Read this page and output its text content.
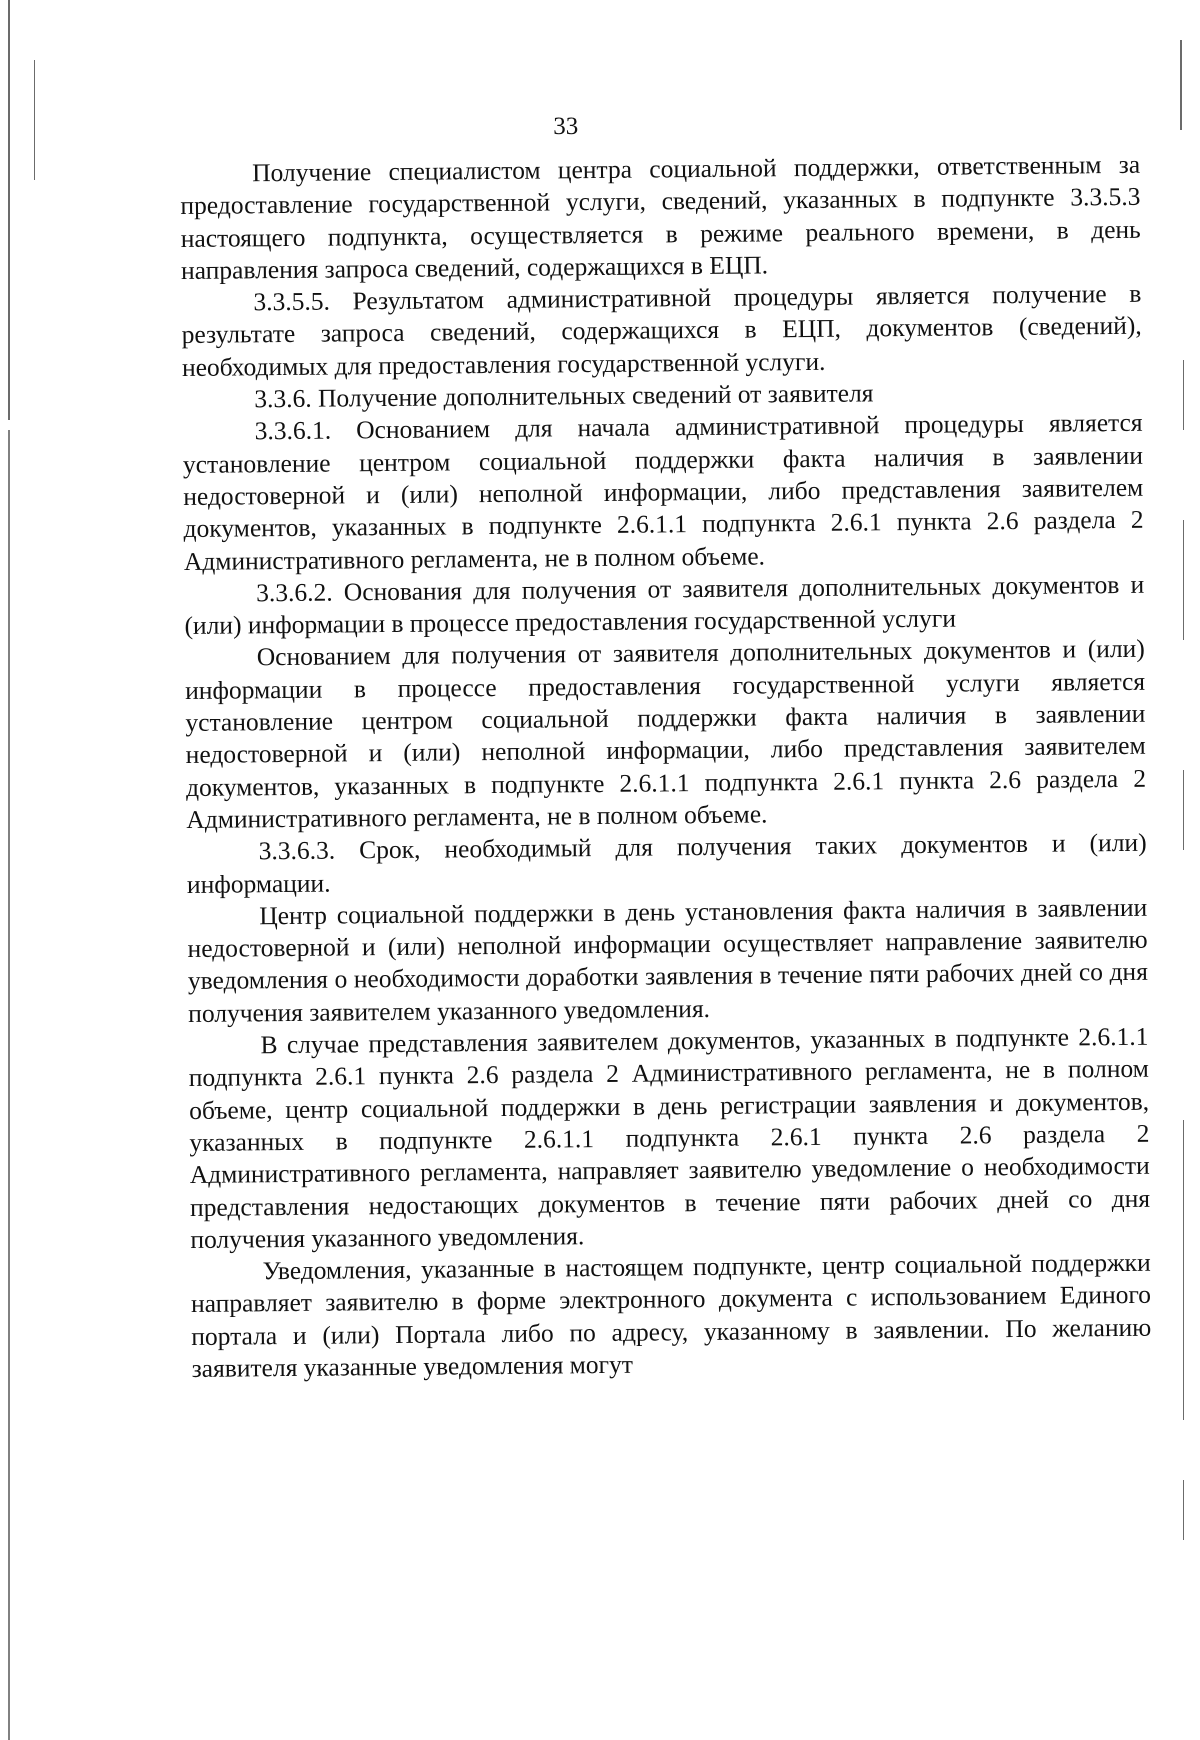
33

Получение специалистом центра социальной поддержки, ответственным за предоставление государственной услуги, сведений, указанных в подпункте 3.3.5.3 настоящего подпункта, осуществляется в режиме реального времени, в день направления запроса сведений, содержащихся в ЕЦП.

3.3.5.5. Результатом административной процедуры является получение в результате запроса сведений, содержащихся в ЕЦП, документов (сведений), необходимых для предоставления государственной услуги.

3.3.6. Получение дополнительных сведений от заявителя

3.3.6.1. Основанием для начала административной процедуры является установление центром социальной поддержки факта наличия в заявлении недостоверной и (или) неполной информации, либо представления заявителем документов, указанных в подпункте 2.6.1.1 подпункта 2.6.1 пункта 2.6 раздела 2 Административного регламента, не в полном объеме.

3.3.6.2. Основания для получения от заявителя дополнительных документов и (или) информации в процессе предоставления государственной услуги

Основанием для получения от заявителя дополнительных документов и (или) информации в процессе предоставления государственной услуги является установление центром социальной поддержки факта наличия в заявлении недостоверной и (или) неполной информации, либо представления заявителем документов, указанных в подпункте 2.6.1.1 подпункта 2.6.1 пункта 2.6 раздела 2 Административного регламента, не в полном объеме.

3.3.6.3. Срок, необходимый для получения таких документов и (или) информации.

Центр социальной поддержки в день установления факта наличия в заявлении недостоверной и (или) неполной информации осуществляет направление заявителю уведомления о необходимости доработки заявления в течение пяти рабочих дней со дня получения заявителем указанного уведомления.

В случае представления заявителем документов, указанных в подпункте 2.6.1.1 подпункта 2.6.1 пункта 2.6 раздела 2 Административного регламента, не в полном объеме, центр социальной поддержки в день регистрации заявления и документов, указанных в подпункте 2.6.1.1 подпункта 2.6.1 пункта 2.6 раздела 2 Административного регламента, направляет заявителю уведомление о необходимости представления недостающих документов в течение пяти рабочих дней со дня получения указанного уведомления.

Уведомления, указанные в настоящем подпункте, центр социальной поддержки направляет заявителю в форме электронного документа с использованием Единого портала и (или) Портала либо по адресу, указанному в заявлении. По желанию заявителя указанные уведомления могут
